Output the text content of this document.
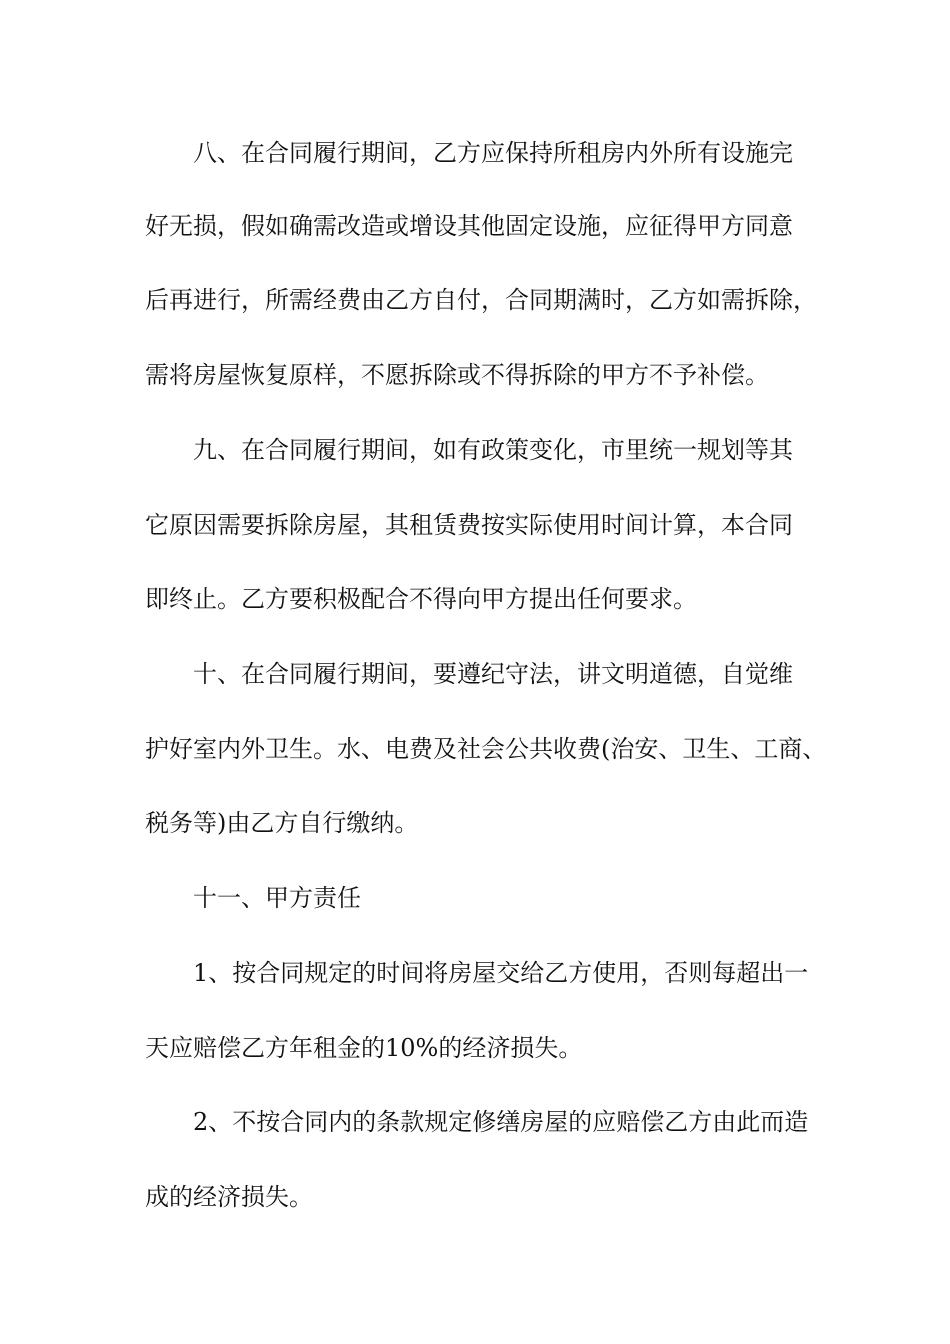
八、在合同履行期间，乙方应保持所租房内外所有设施完
好无损，假如确需改造或增设其他固定设施，应征得甲方同意
后再进行，所需经费由乙方自付，合同期满时，乙方如需拆除，
需将房屋恢复原样，不愿拆除或不得拆除的甲方不予补偿。
九、在合同履行期间，如有政策变化，市里统一规划等其
它原因需要拆除房屋，其租赁费按实际使用时间计算，本合同
即终止。乙方要积极配合不得向甲方提出任何要求。
十、在合同履行期间，要遵纪守法，讲文明道德，自觉维
护好室内外卫生。水、电费及社会公共收费(治安、卫生、工商、
税务等)由乙方自行缴纳。
十一、甲方责任
1、按合同规定的时间将房屋交给乙方使用，否则每超出一
天应赔偿乙方年租金的10%的经济损失。
2、不按合同内的条款规定修缮房屋的应赔偿乙方由此而造
成的经济损失。
